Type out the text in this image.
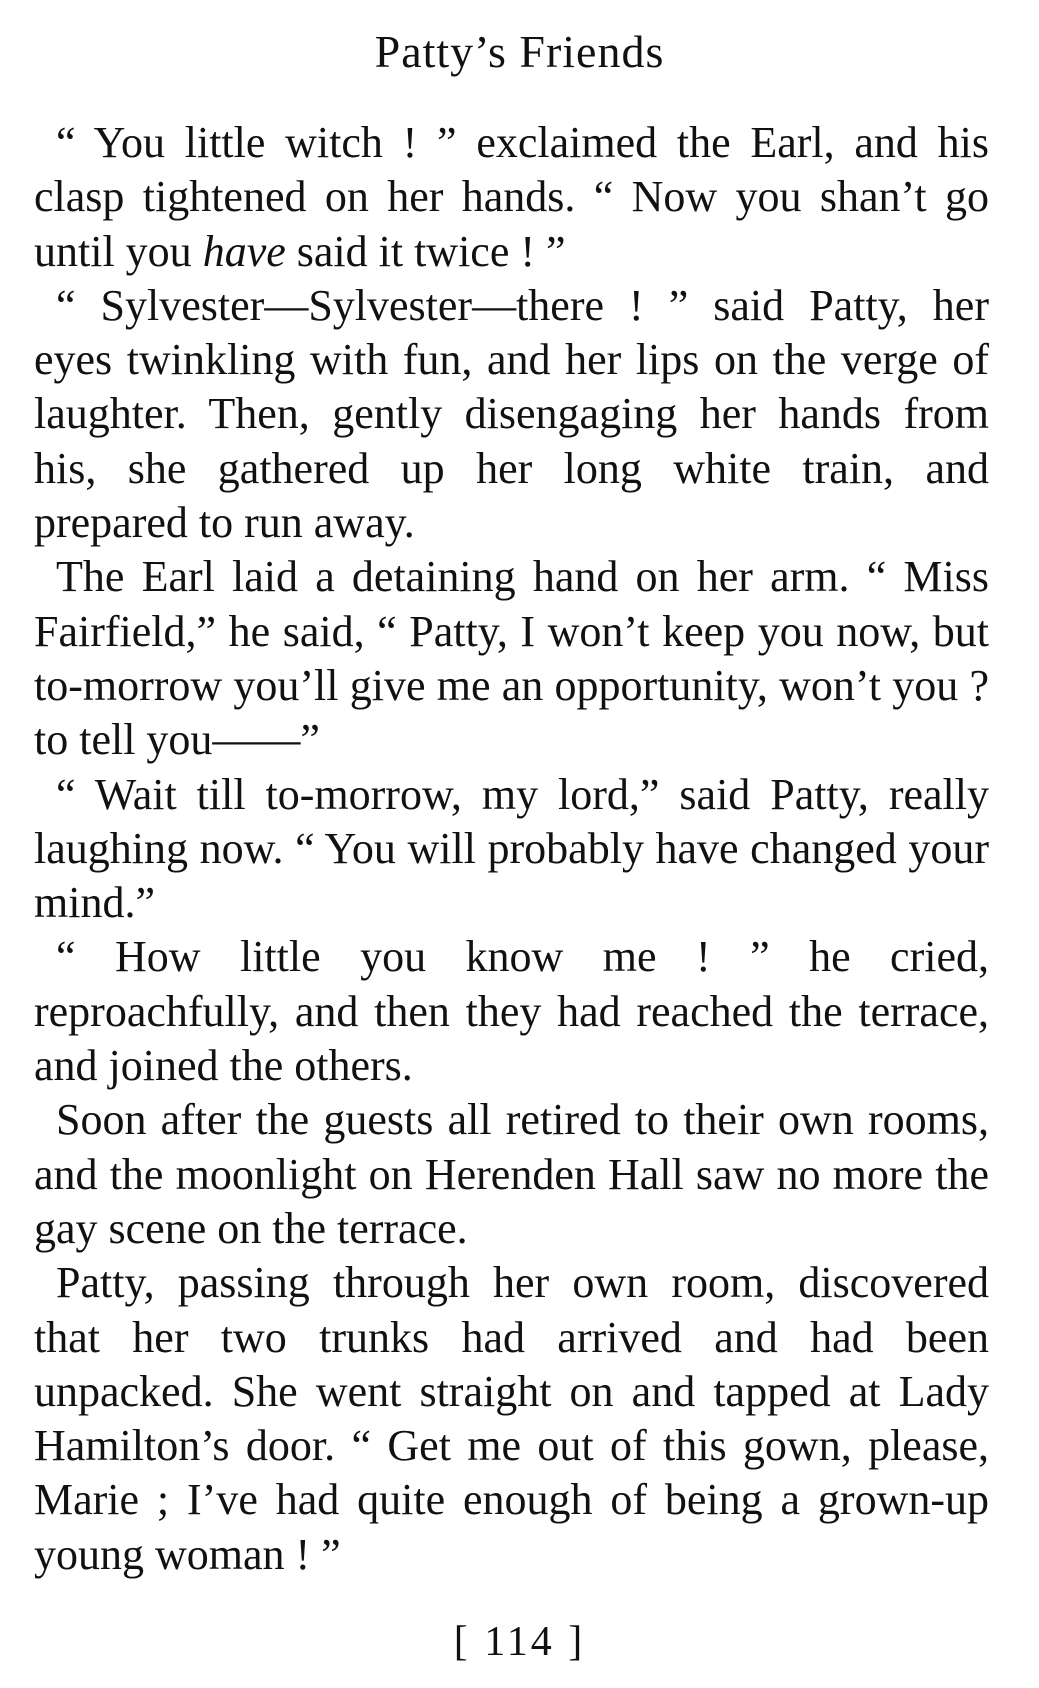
Patty’s Friends

“ You little witch ! ” exclaimed the Earl, and his clasp tightened on her hands. “ Now you shan’t go until you have said it twice ! ”

“ Sylvester—Sylvester—there ! ” said Patty, her eyes twinkling with fun, and her lips on the verge of laughter. Then, gently disengaging her hands from his, she gathered up her long white train, and prepared to run away.

The Earl laid a detaining hand on her arm. “ Miss Fairfield,” he said, “ Patty, I won’t keep you now, but to-morrow you’ll give me an opportunity, won’t you ? to tell you——”

“ Wait till to-morrow, my lord,” said Patty, really laughing now. “ You will probably have changed your mind.”

“ How little you know me ! ” he cried, reproachfully, and then they had reached the terrace, and joined the others.

Soon after the guests all retired to their own rooms, and the moonlight on Herenden Hall saw no more the gay scene on the terrace.

Patty, passing through her own room, discovered that her two trunks had arrived and had been unpacked. She went straight on and tapped at Lady Hamilton’s door. “ Get me out of this gown, please, Marie ; I’ve had quite enough of being a grown-up young woman ! ”

[ 114 ]
